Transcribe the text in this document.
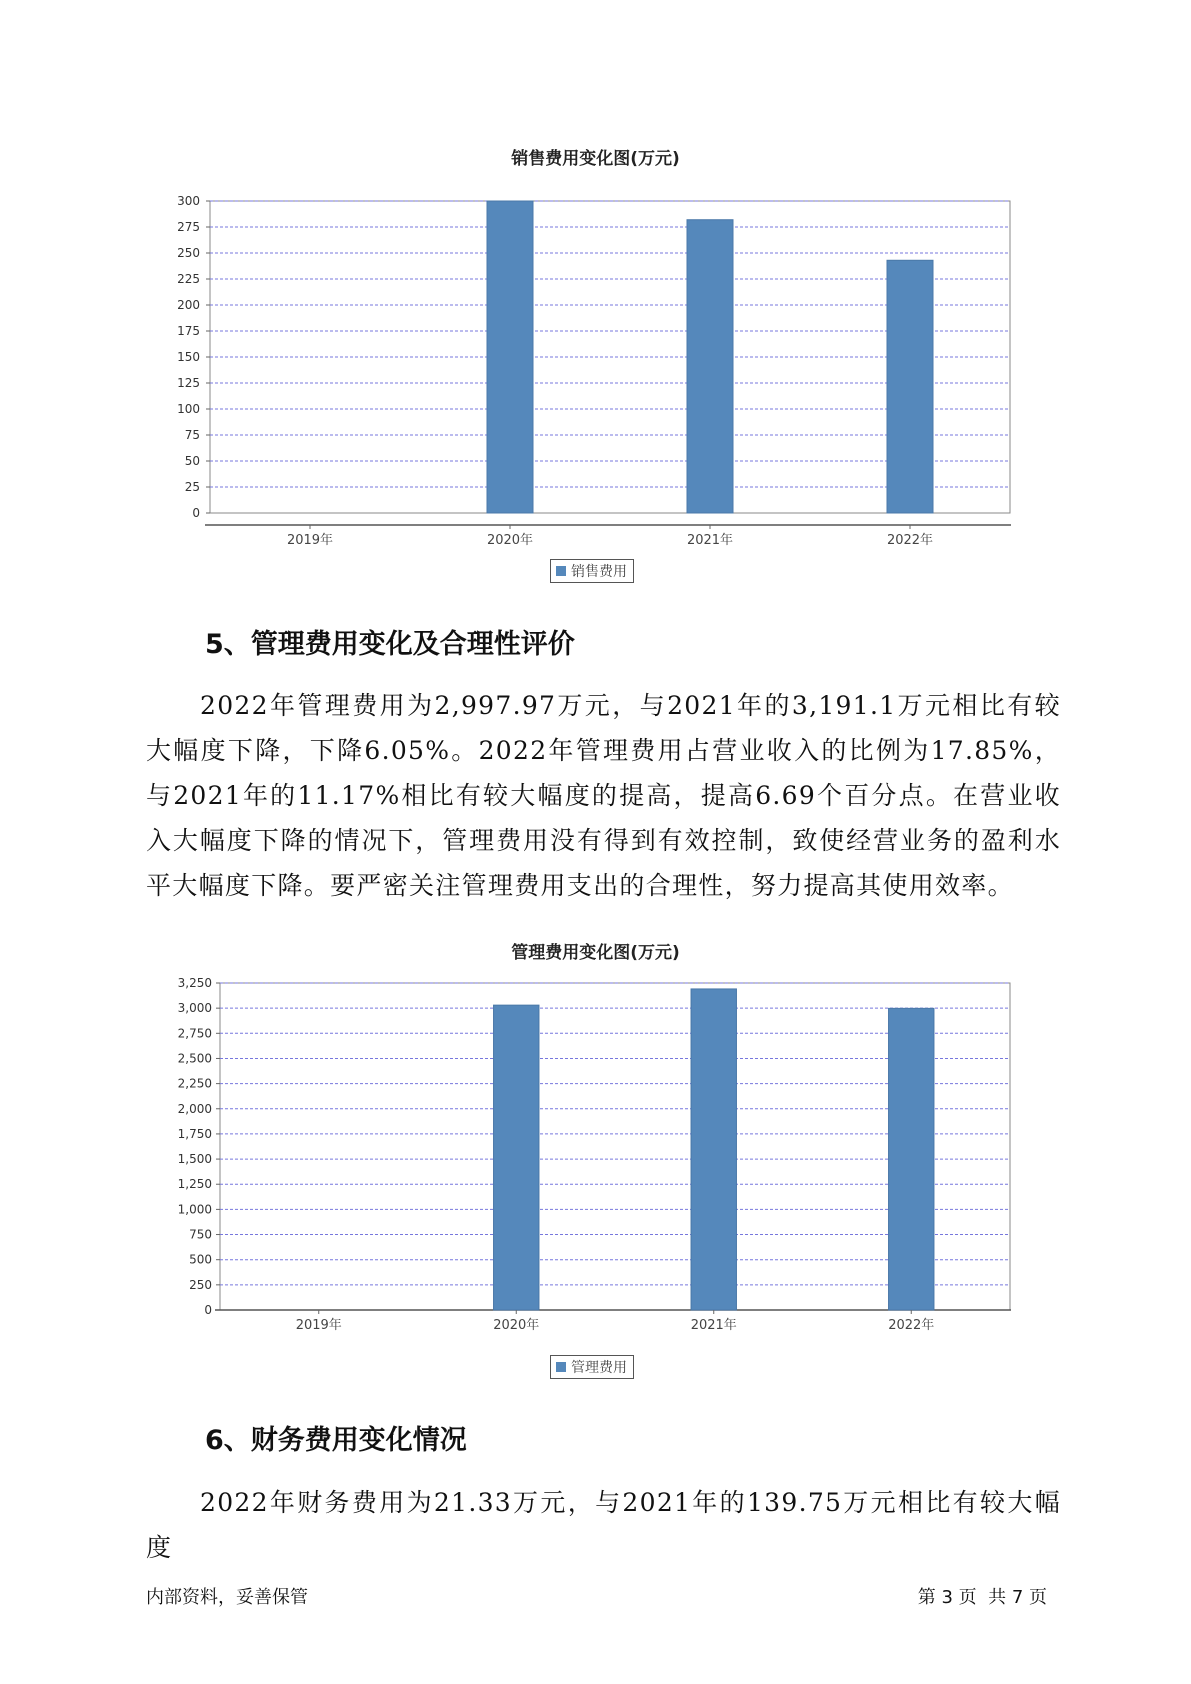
销售费用变化图(万元)
0
25
50
75
100
125
150
175
200
225
250
275
300
2019年	2020年	2021年	2022年
销售费用
5、管理费用变化及合理性评价

2022年管理费用为2,997.97万元，与2021年的3,191.1万元相比有较大幅度下降，下降6.05%。2022年管理费用占营业收入的比例为17.85%，与2021年的11.17%相比有较大幅度的提高，提高6.69个百分点。在营业收入大幅度下降的情况下，管理费用没有得到有效控制，致使经营业务的盈利水平大幅度下降。要严密关注管理费用支出的合理性，努力提高其使用效率。

管理费用变化图(万元)
0
250
500
750
1,000
1,250
1,500
1,750
2,000
2,250
2,500
2,750
3,000
3,250
2019年	2020年	2021年	2022年
管理费用
6、财务费用变化情况

2022年财务费用为21.33万元，与2021年的139.75万元相比有较大幅度

内部资料，妥善保管	第 3 页  共 7 页
